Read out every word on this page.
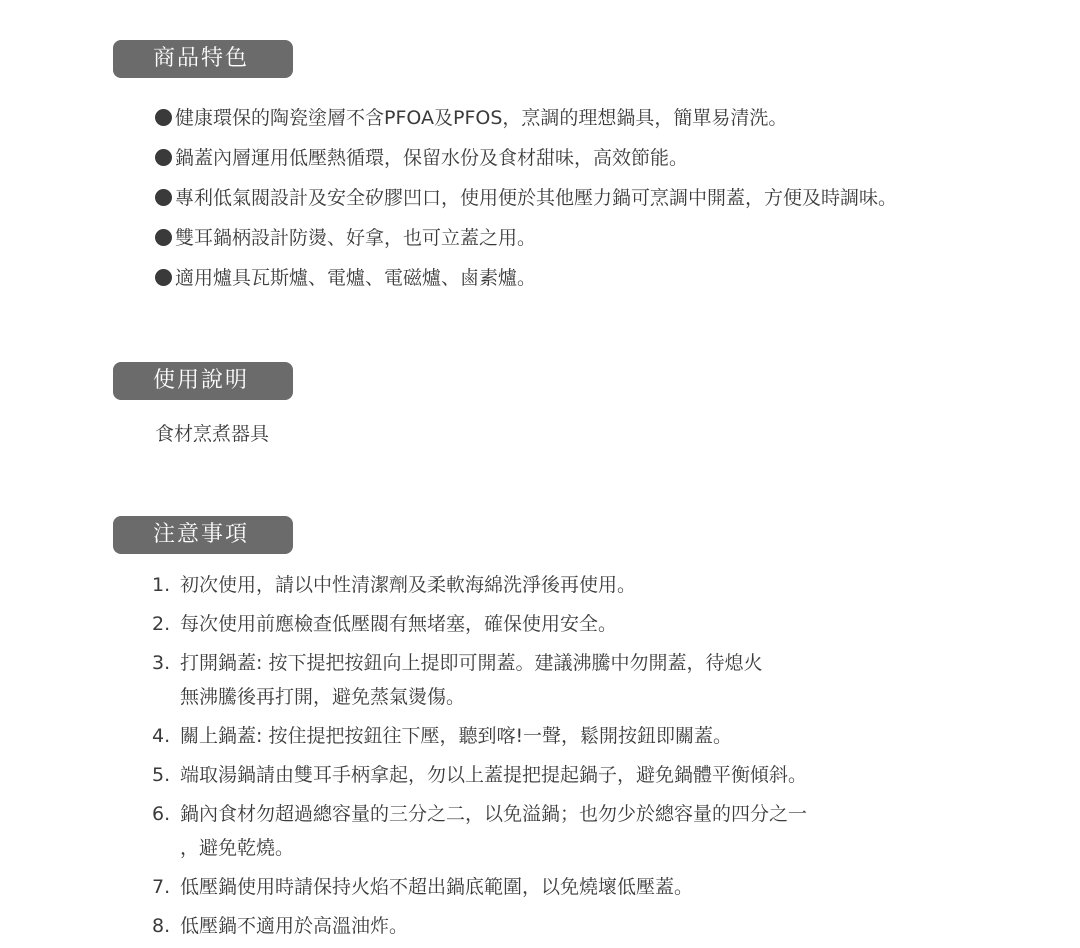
商品特色
健康環保的陶瓷塗層不含PFOA及PFOS，烹調的理想鍋具，簡單易清洗。
鍋蓋內層運用低壓熱循環，保留水份及食材甜味，高效節能。
專利低氣閥設計及安全矽膠凹口，使用便於其他壓力鍋可烹調中開蓋，方便及時調味。
雙耳鍋柄設計防燙、好拿，也可立蓋之用。
適用爐具瓦斯爐、電爐、電磁爐、鹵素爐。
使用說明
食材烹煮器具
注意事項
1. 初次使用，請以中性清潔劑及柔軟海綿洗淨後再使用。
2. 每次使用前應檢查低壓閥有無堵塞，確保使用安全。
3. 打開鍋蓋: 按下提把按鈕向上提即可開蓋。建議沸騰中勿開蓋，待熄火
無沸騰後再打開，避免蒸氣燙傷。
4. 關上鍋蓋: 按住提把按鈕往下壓，聽到喀!一聲，鬆開按鈕即關蓋。
5. 端取湯鍋請由雙耳手柄拿起，勿以上蓋提把提起鍋子，避免鍋體平衡傾斜。
6. 鍋內食材勿超過總容量的三分之二，以免溢鍋；也勿少於總容量的四分之一
，避免乾燒。
7. 低壓鍋使用時請保持火焰不超出鍋底範圍，以免燒壞低壓蓋。
8. 低壓鍋不適用於高溫油炸。
